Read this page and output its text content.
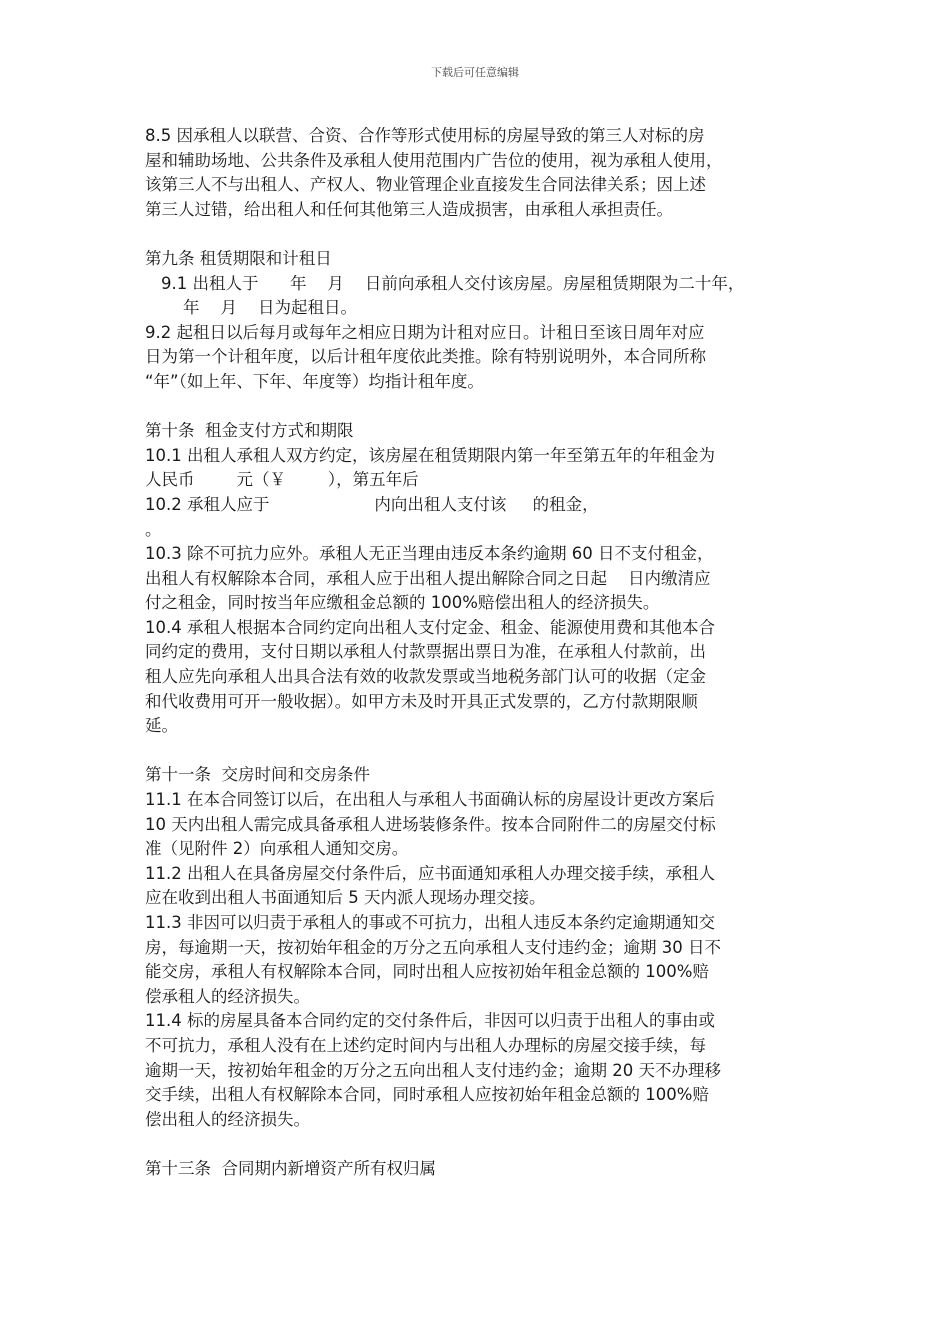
下载后可任意编辑

8.5 因承租人以联营、合资、合作等形式使用标的房屋导致的第三人对标的房

屋和辅助场地、公共条件及承租人使用范围内广告位的使用，视为承租人使用，

该第三人不与出租人、产权人、物业管理企业直接发生合同法律关系；因上述

第三人过错，给出租人和任何其他第三人造成损害，由承租人承担责任。

第九条 租赁期限和计租日

9.1 出租人于      年    月    日前向承租人交付该房屋。房屋租赁期限为二十年，

年    月    日为起租日。

9.2 起租日以后每月或每年之相应日期为计租对应日。计租日至该日周年对应

日为第一个计租年度，以后计租年度依此类推。除有特别说明外，本合同所称

“年”（如上年、下年、年度等）均指计租年度。

第十条  租金支付方式和期限

10.1 出租人承租人双方约定，该房屋在租赁期限内第一年至第五年的年租金为

人民币        元（￥        ），第五年后

10.2 承租人应于                    内向出租人支付该     的租金，

。

10.3 除不可抗力应外。承租人无正当理由违反本条约逾期 60 日不支付租金，

出租人有权解除本合同，承租人应于出租人提出解除合同之日起    日内缴清应

付之租金，同时按当年应缴租金总额的 100%赔偿出租人的经济损失。

10.4 承租人根据本合同约定向出租人支付定金、租金、能源使用费和其他本合

同约定的费用，支付日期以承租人付款票据出票日为准，在承租人付款前，出

租人应先向承租人出具合法有效的收款发票或当地税务部门认可的收据（定金

和代收费用可开一般收据）。如甲方未及时开具正式发票的，乙方付款期限顺

延。

第十一条  交房时间和交房条件

11.1 在本合同签订以后，在出租人与承租人书面确认标的房屋设计更改方案后

10 天内出租人需完成具备承租人进场装修条件。按本合同附件二的房屋交付标

准（见附件 2）向承租人通知交房。

11.2 出租人在具备房屋交付条件后，应书面通知承租人办理交接手续，承租人

应在收到出租人书面通知后 5 天内派人现场办理交接。

11.3 非因可以归责于承租人的事或不可抗力，出租人违反本条约定逾期通知交

房，每逾期一天，按初始年租金的万分之五向承租人支付违约金；逾期 30 日不

能交房，承租人有权解除本合同，同时出租人应按初始年租金总额的 100%赔

偿承租人的经济损失。

11.4 标的房屋具备本合同约定的交付条件后，非因可以归责于出租人的事由或

不可抗力，承租人没有在上述约定时间内与出租人办理标的房屋交接手续，每

逾期一天，按初始年租金的万分之五向出租人支付违约金；逾期 20 天不办理移

交手续，出租人有权解除本合同，同时承租人应按初始年租金总额的 100%赔

偿出租人的经济损失。

第十三条  合同期内新增资产所有权归属
